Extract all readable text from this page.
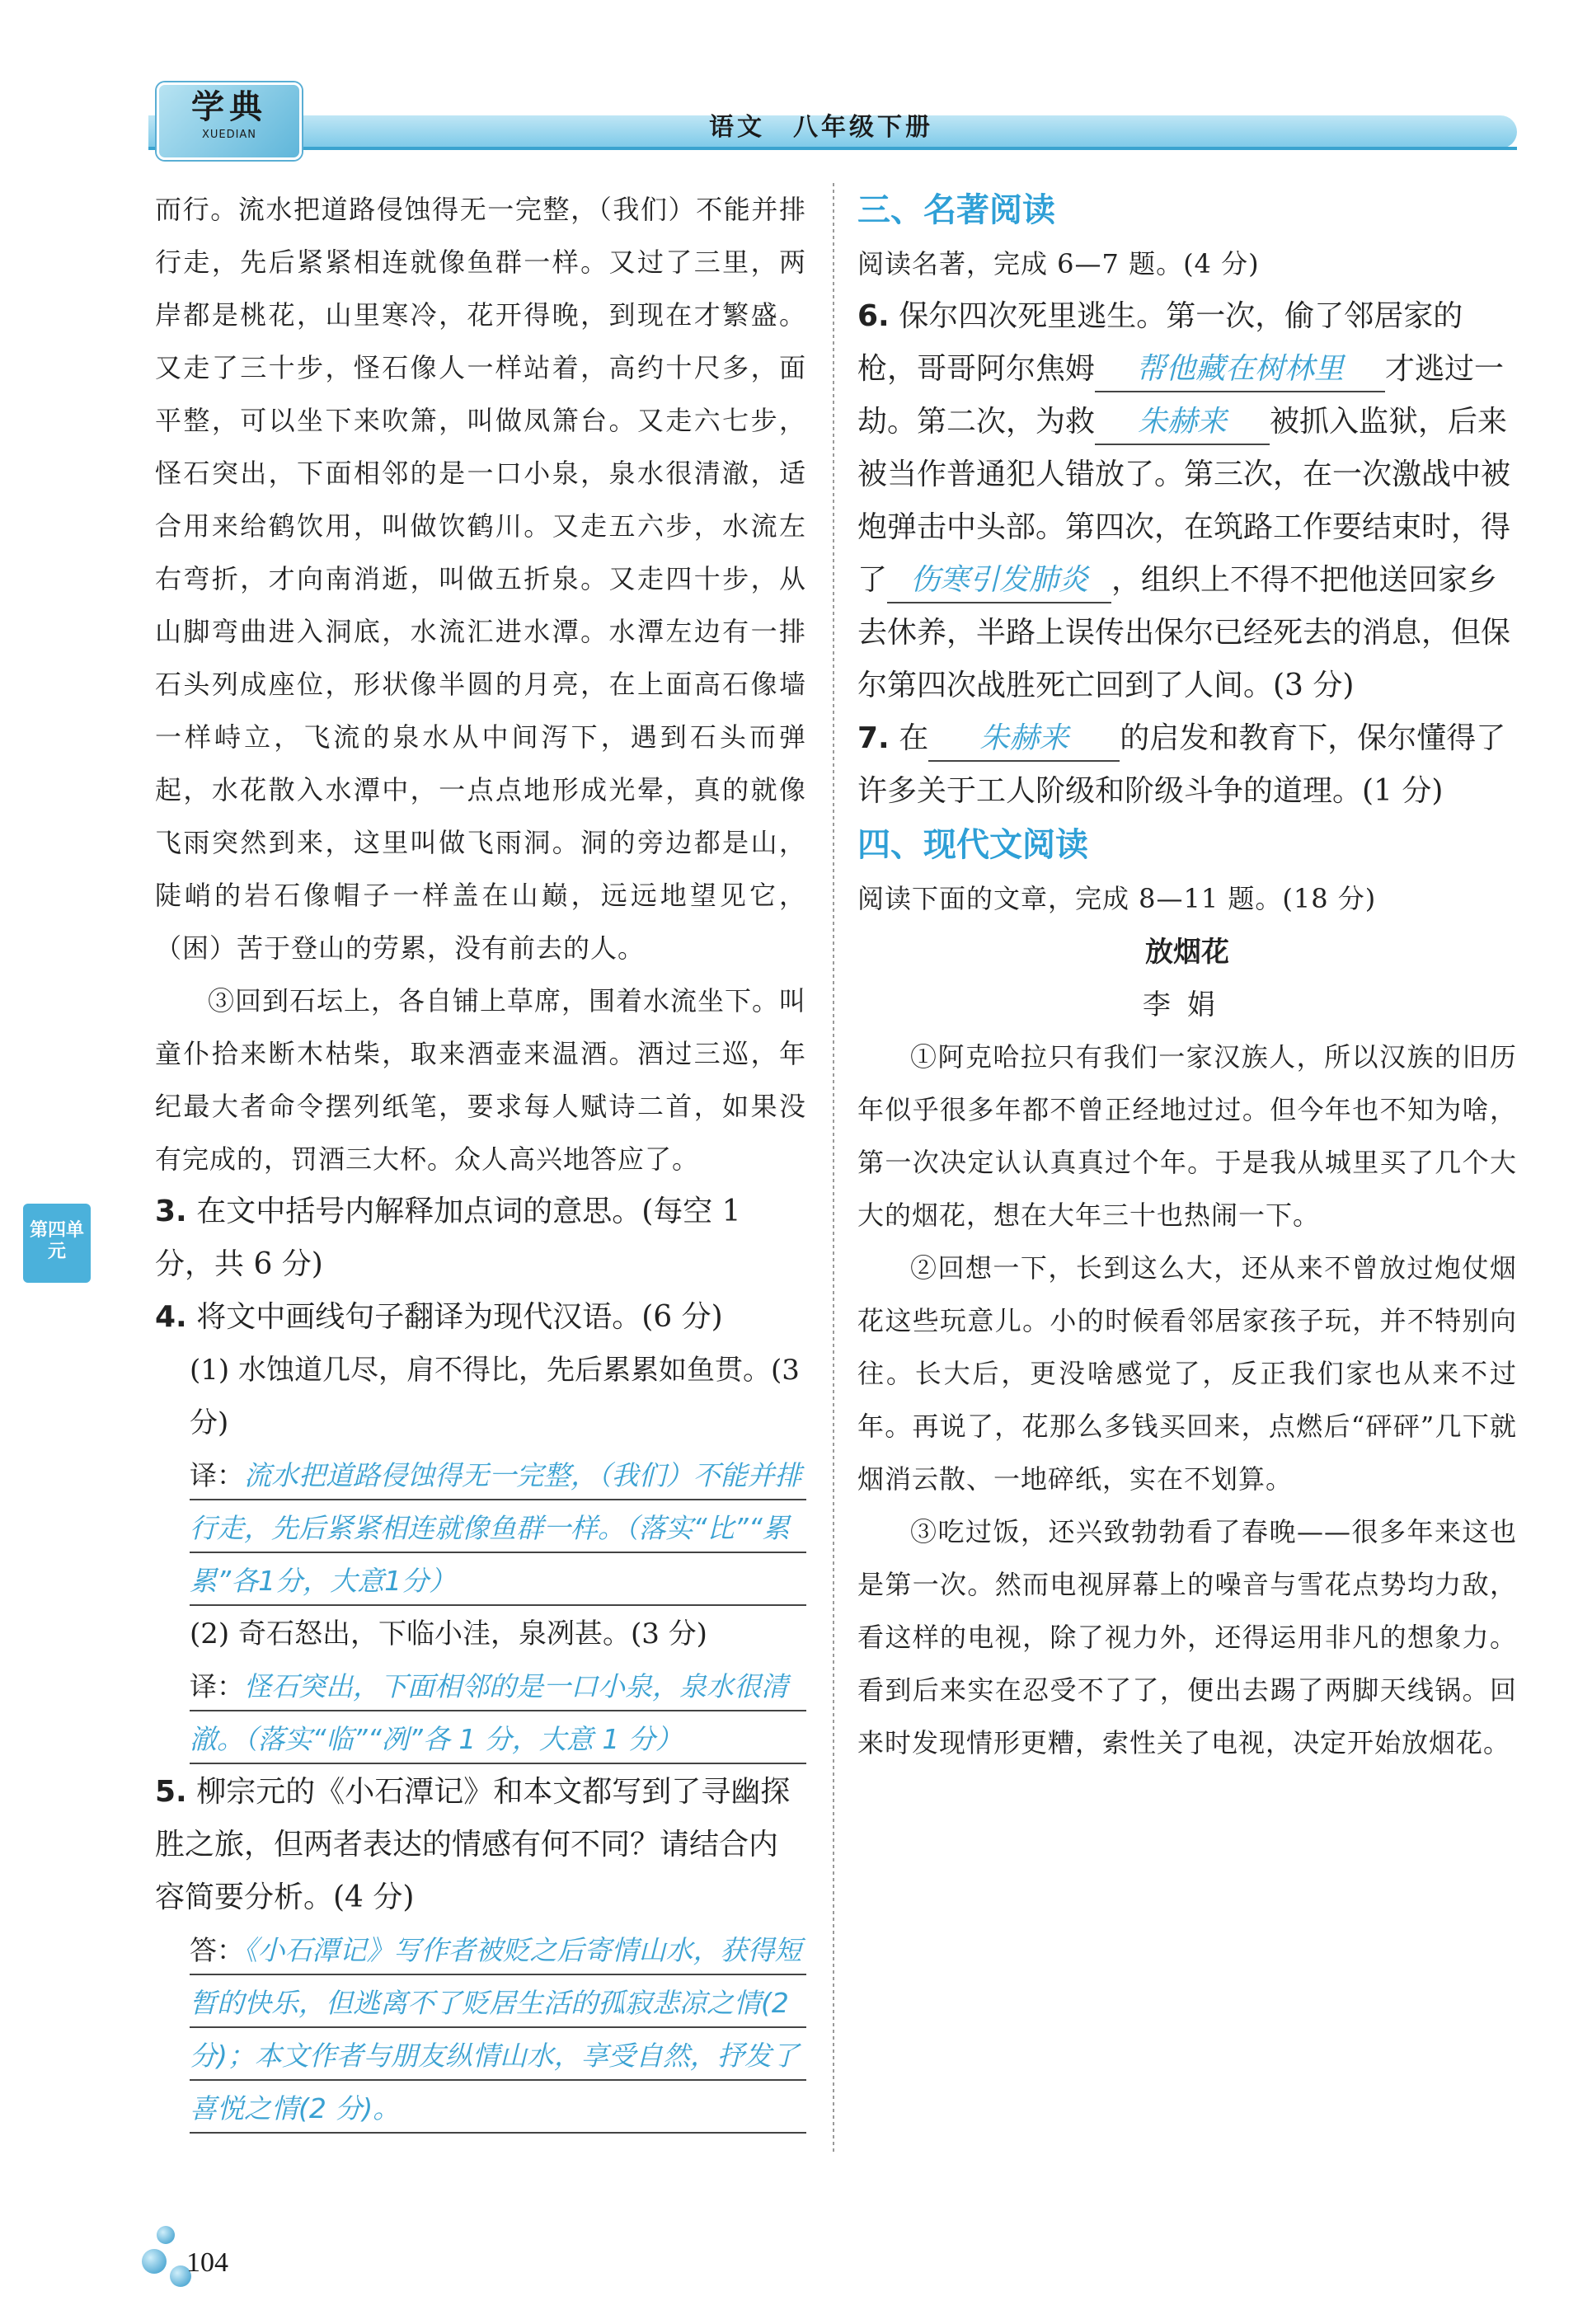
学典
XUEDIAN	语文　八年级下册

而行。流水把道路侵蚀得无一完整，（我们）不能并排行走，先后紧紧相连就像鱼群一样。又过了三里，两岸都是桃花，山里寒冷，花开得晚，到现在才繁盛。又走了三十步，怪石像人一样站着，高约十尺多，面平整，可以坐下来吹箫，叫做凤箫台。又走六七步，怪石突出，下面相邻的是一口小泉，泉水很清澈，适合用来给鹤饮用，叫做饮鹤川。又走五六步，水流左右弯折，才向南消逝，叫做五折泉。又走四十步，从山脚弯曲进入洞底，水流汇进水潭。水潭左边有一排石头列成座位，形状像半圆的月亮，在上面高石像墙一样峙立，飞流的泉水从中间泻下，遇到石头而弹起，水花散入水潭中，一点点地形成光晕，真的就像飞雨突然到来，这里叫做飞雨洞。洞的旁边都是山，陡峭的岩石像帽子一样盖在山巅，远远地望见它，（困）苦于登山的劳累，没有前去的人。

③回到石坛上，各自铺上草席，围着水流坐下。叫童仆拾来断木枯柴，取来酒壶来温酒。酒过三巡，年纪最大者命令摆列纸笔，要求每人赋诗二首，如果没有完成的，罚酒三大杯。众人高兴地答应了。

3. 在文中括号内解释加点词的意思。(每空 1 分，共 6 分)

4. 将文中画线句子翻译为现代汉语。(6 分)

(1) 水蚀道几尽，肩不得比，先后累累如鱼贯。(3 分)

译：流水把道路侵蚀得无一完整，（我们）不能并排行走，先后紧紧相连就像鱼群一样。（落实“比”“累累”各1分，大意1分）

(2) 奇石怒出，下临小洼，泉冽甚。(3 分)

译：怪石突出，下面相邻的是一口小泉，泉水很清澈。（落实“临”“冽”各 1 分，大意 1 分）

5. 柳宗元的《小石潭记》和本文都写到了寻幽探胜之旅，但两者表达的情感有何不同？请结合内容简要分析。(4 分)

答：《小石潭记》写作者被贬之后寄情山水，获得短暂的快乐，但逃离不了贬居生活的孤寂悲凉之情(2 分)；本文作者与朋友纵情山水，享受自然，抒发了喜悦之情(2 分)。

三、名著阅读

阅读名著，完成 6—7 题。(4 分)

6. 保尔四次死里逃生。第一次，偷了邻居家的枪，哥哥阿尔焦姆 帮他藏在树林里 才逃过一劫。第二次，为救 朱赫来 被抓入监狱，后来被当作普通犯人错放了。第三次，在一次激战中被炮弹击中头部。第四次，在筑路工作要结束时，得了 伤寒引发肺炎 ，组织上不得不把他送回家乡去休养，半路上误传出保尔已经死去的消息，但保尔第四次战胜死亡回到了人间。(3 分)

7. 在 朱赫来 的启发和教育下，保尔懂得了许多关于工人阶级和阶级斗争的道理。(1 分)

四、现代文阅读

阅读下面的文章，完成 8—11 题。(18 分)

放烟花

李娟

①阿克哈拉只有我们一家汉族人，所以汉族的旧历年似乎很多年都不曾正经地过过。但今年也不知为啥，第一次决定认认真真过个年。于是我从城里买了几个大大的烟花，想在大年三十也热闹一下。

②回想一下，长到这么大，还从来不曾放过炮仗烟花这些玩意儿。小的时候看邻居家孩子玩，并不特别向往。长大后，更没啥感觉了，反正我们家也从来不过年。再说了，花那么多钱买回来，点燃后“砰砰”几下就烟消云散、一地碎纸，实在不划算。

③吃过饭，还兴致勃勃看了春晚——很多年来这也是第一次。然而电视屏幕上的噪音与雪花点势均力敌，看这样的电视，除了视力外，还得运用非凡的想象力。看到后来实在忍受不了了，便出去踢了两脚天线锅。回来时发现情形更糟，索性关了电视，决定开始放烟花。

第四单元
104
